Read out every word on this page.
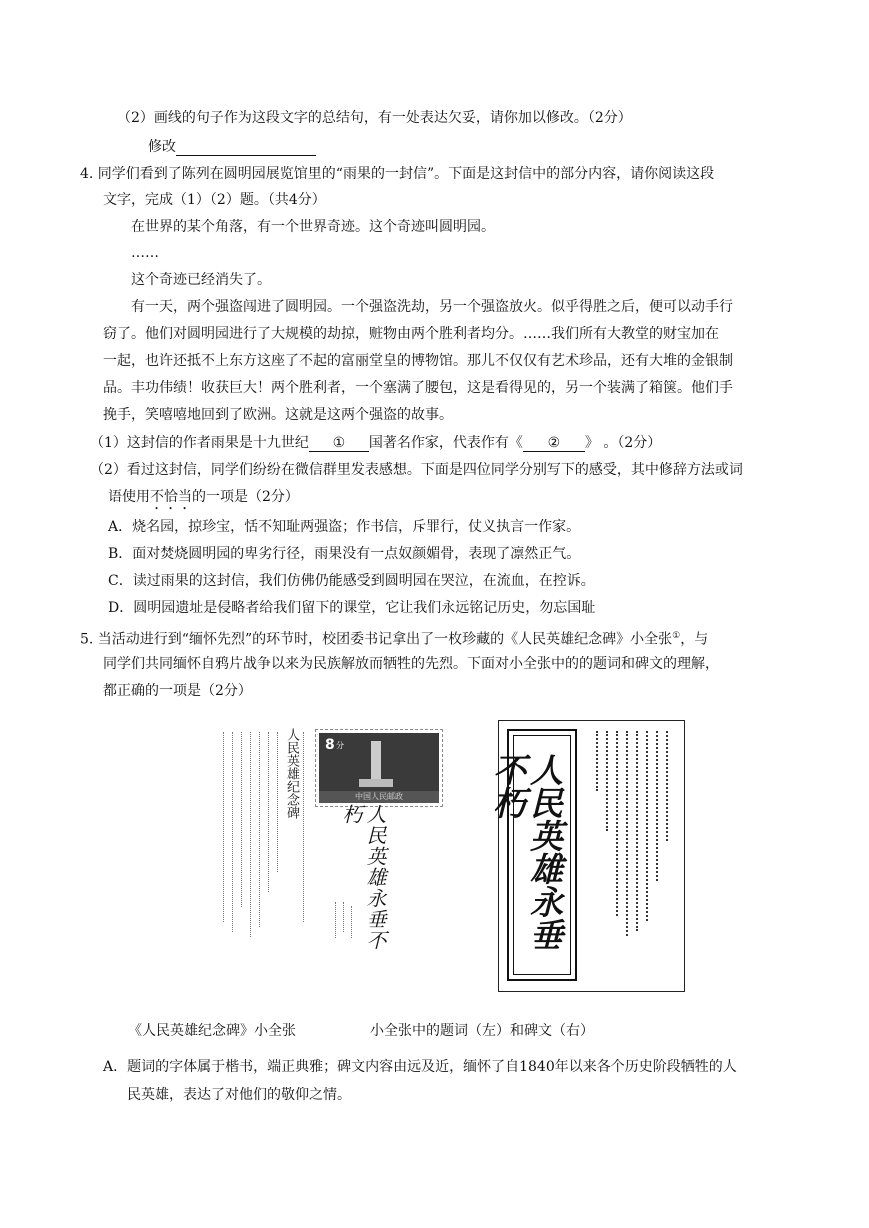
（2）画线的句子作为这段文字的总结句，有一处表达欠妥，请你加以修改。（2分）
修改
4. 同学们看到了陈列在圆明园展览馆里的“雨果的一封信”。下面是这封信中的部分内容，请你阅读这段
文字，完成（1）（2）题。（共4分）
在世界的某个角落，有一个世界奇迹。这个奇迹叫圆明园。
……
这个奇迹已经消失了。
有一天，两个强盗闯进了圆明园。一个强盗洗劫，另一个强盗放火。似乎得胜之后，便可以动手行
窃了。他们对圆明园进行了大规模的劫掠，赃物由两个胜利者均分。……我们所有大教堂的财宝加在
一起，也许还抵不上东方这座了不起的富丽堂皇的博物馆。那儿不仅仅有艺术珍品，还有大堆的金银制
品。丰功伟绩！收获巨大！两个胜利者，一个塞满了腰包，这是看得见的，另一个装满了箱箧。他们手
挽手，笑嘻嘻地回到了欧洲。这就是这两个强盗的故事。
（1）这封信的作者雨果是十九世纪 ① 国著名作家，代表作有《 ② 》 。（2分）
（2）看过这封信，同学们纷纷在微信群里发表感想。下面是四位同学分别写下的感受，其中修辞方法或词
语使用不恰当的一项是（2分）
A．烧名园，掠珍宝，恬不知耻两强盗；作书信，斥罪行，仗义执言一作家。
B．面对焚烧圆明园的卑劣行径，雨果没有一点奴颜媚骨，表现了凛然正气。
C．读过雨果的这封信，我们仿佛仍能感受到圆明园在哭泣，在流血，在控诉。
D．圆明园遗址是侵略者给我们留下的课堂，它让我们永远铭记历史，勿忘国耻
5. 当活动进行到“缅怀先烈”的环节时，校团委书记拿出了一枚珍藏的《人民英雄纪念碑》小全张①，与
同学们共同缅怀自鸦片战争以来为民族解放而牺牲的先烈。下面对小全张中的的题词和碑文的理解，
都正确的一项是（2分）
人民英雄纪念碑 8 分
中国人民邮政
人民英雄永垂不朽	人民英雄永垂不朽
《人民英雄纪念碑》小全张	小全张中的题词（左）和碑文（右）
A．题词的字体属于楷书，端正典雅；碑文内容由远及近，缅怀了自1840年以来各个历史阶段牺牲的人
民英雄，表达了对他们的敬仰之情。
